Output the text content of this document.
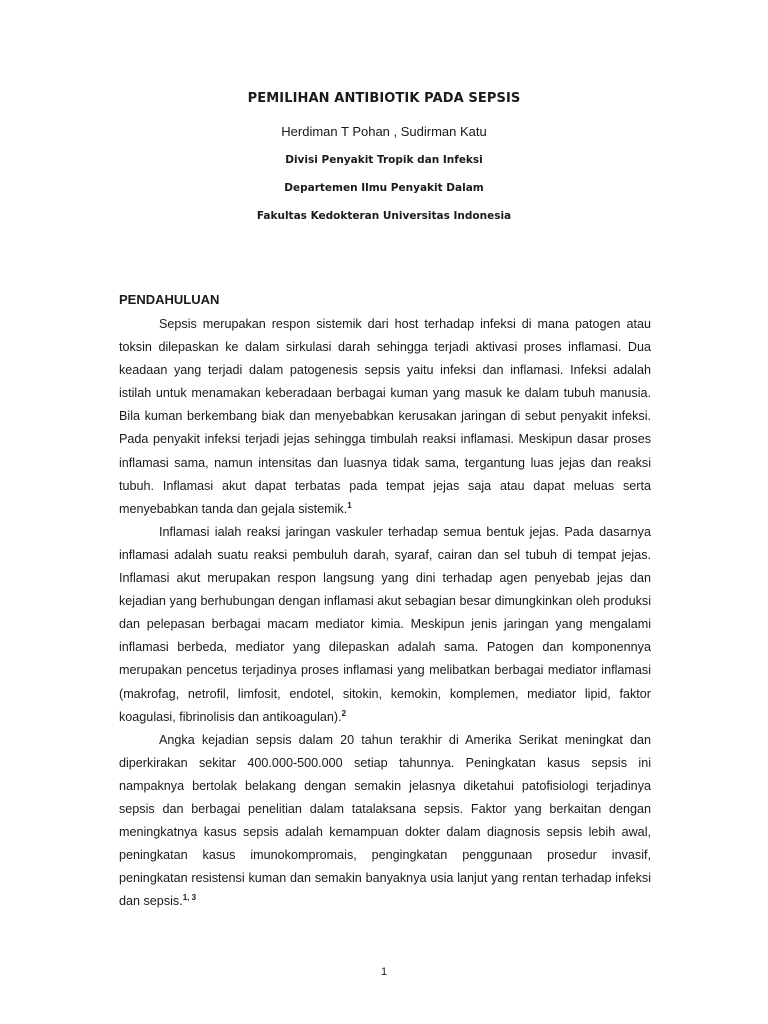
PEMILIHAN ANTIBIOTIK PADA SEPSIS
Herdiman T Pohan , Sudirman Katu
Divisi Penyakit Tropik dan Infeksi
Departemen Ilmu Penyakit Dalam
Fakultas Kedokteran Universitas Indonesia
PENDAHULUAN

Sepsis merupakan respon sistemik dari host terhadap infeksi di mana patogen atau toksin dilepaskan ke dalam sirkulasi darah sehingga terjadi aktivasi proses inflamasi. Dua keadaan yang terjadi dalam patogenesis sepsis yaitu infeksi dan inflamasi. Infeksi adalah istilah untuk menamakan keberadaan berbagai kuman yang masuk ke dalam tubuh manusia. Bila kuman berkembang biak dan menyebabkan kerusakan jaringan di sebut penyakit infeksi. Pada penyakit infeksi terjadi jejas sehingga timbulah reaksi inflamasi. Meskipun dasar proses inflamasi sama, namun intensitas dan luasnya tidak sama, tergantung luas jejas dan reaksi tubuh. Inflamasi akut dapat terbatas pada tempat jejas saja atau dapat meluas serta menyebabkan tanda dan gejala sistemik.$^1$

Inflamasi ialah reaksi jaringan vaskuler terhadap semua bentuk jejas. Pada dasarnya inflamasi adalah suatu reaksi pembuluh darah, syaraf, cairan dan sel tubuh di tempat jejas. Inflamasi akut merupakan respon langsung yang dini terhadap agen penyebab jejas dan kejadian yang berhubungan dengan inflamasi akut sebagian besar dimungkinkan oleh produksi dan pelepasan berbagai macam mediator kimia. Meskipun jenis jaringan yang mengalami inflamasi berbeda, mediator yang dilepaskan adalah sama. Patogen dan komponennya merupakan pencetus terjadinya proses inflamasi yang melibatkan berbagai mediator inflamasi (makrofag, netrofil, limfosit, endotel, sitokin, kemokin, komplemen, mediator lipid, faktor koagulasi, fibrinolisis dan antikoagulan).$^2$

Angka kejadian sepsis dalam 20 tahun terakhir di Amerika Serikat meningkat dan diperkirakan sekitar 400.000-500.000 setiap tahunnya. Peningkatan kasus sepsis ini nampaknya bertolak belakang dengan semakin jelasnya diketahui patofisiologi terjadinya sepsis dan berbagai penelitian dalam tatalaksana sepsis. Faktor yang berkaitan dengan meningkatnya kasus sepsis adalah kemampuan dokter dalam diagnosis sepsis lebih awal, peningkatan kasus imunokompromais, pengingkatan penggunaan prosedur invasif, peningkatan resistensi kuman dan semakin banyaknya usia lanjut yang rentan terhadap infeksi dan sepsis.$^{1, 3}$

1
